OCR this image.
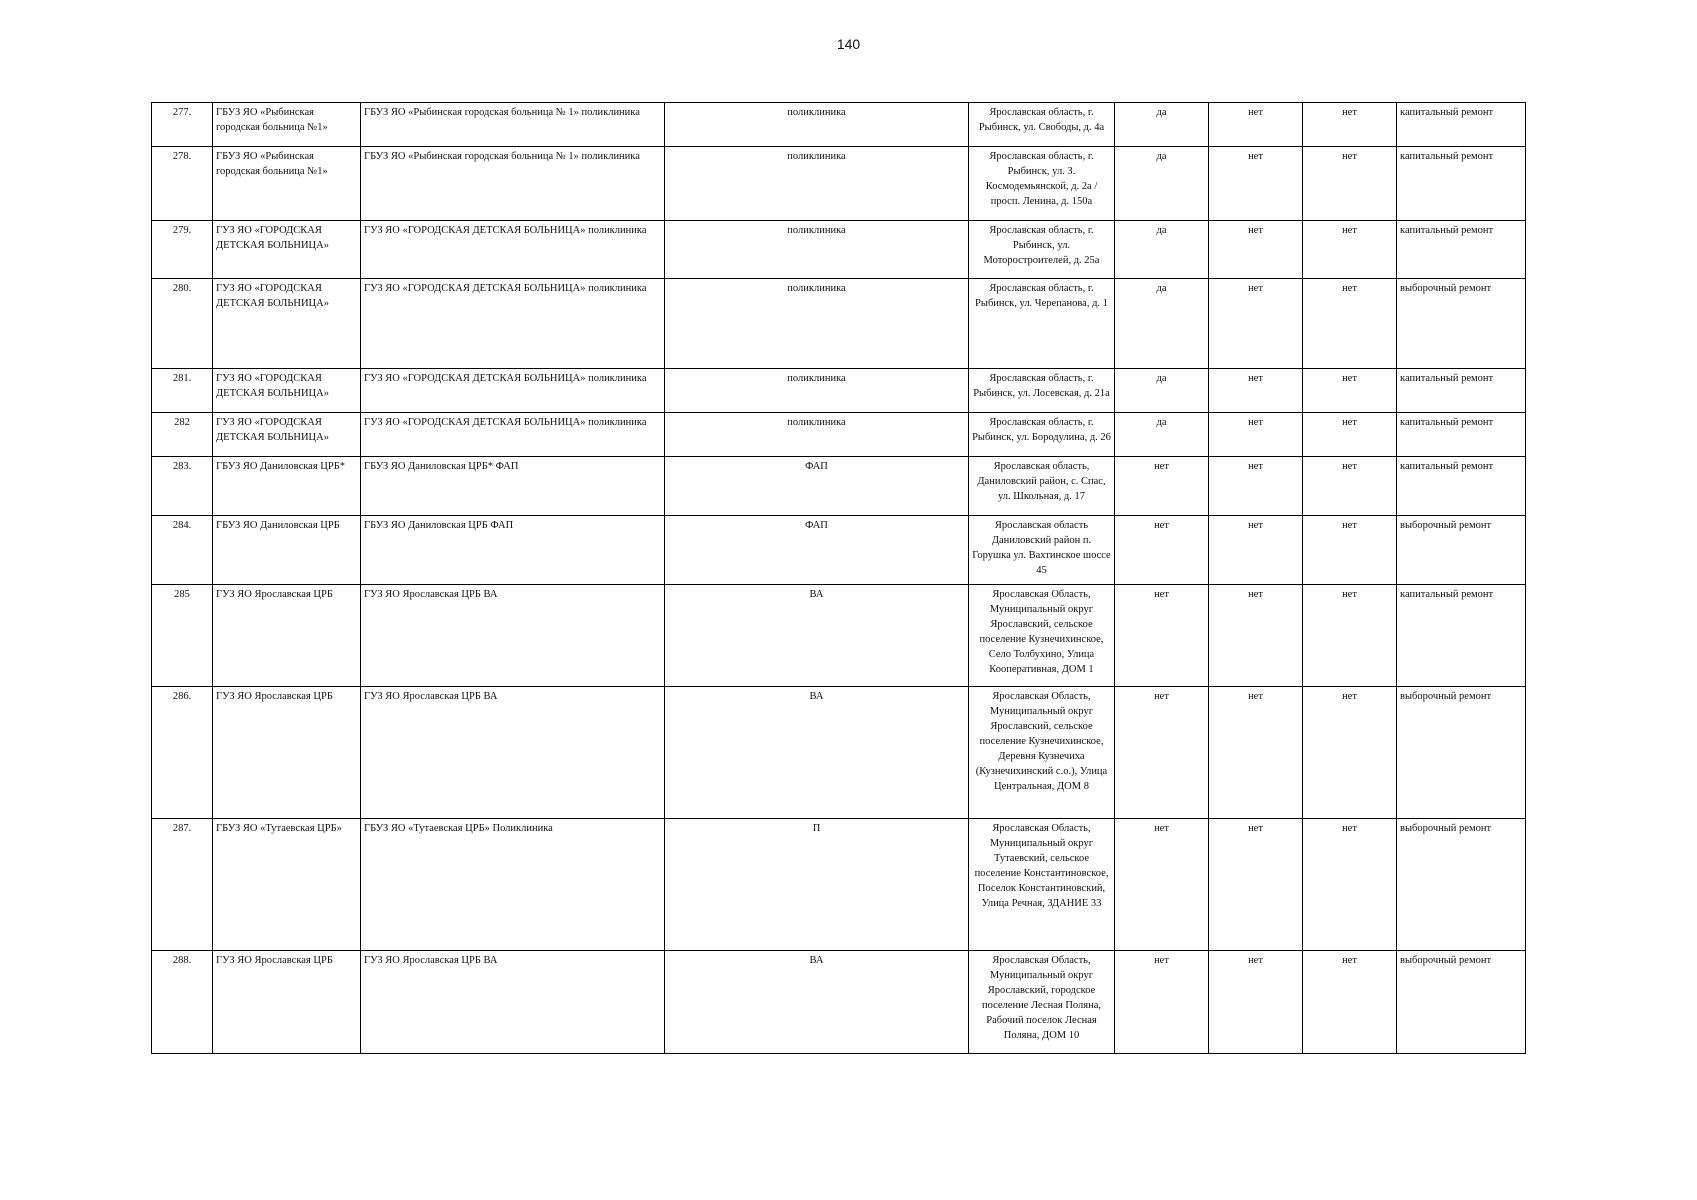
140
277.	ГБУЗ ЯО «Рыбинская городская больница №1»	ГБУЗ ЯО «Рыбинская городская больница № 1» поликлиника	поликлиника	Ярославская область, г. Рыбинск, ул. Свободы, д. 4а	да	нет	нет	капитальный ремонт

278.	ГБУЗ ЯО «Рыбинская городская больница №1»	ГБУЗ ЯО «Рыбинская городская больница № 1» поликлиника	поликлиника	Ярославская область, г. Рыбинск, ул. З. Космодемьянской, д. 2а /просп. Ленина, д. 150а	да	нет	нет	капитальный ремонт

279.	ГУЗ ЯО «ГОРОДСКАЯ ДЕТСКАЯ БОЛЬНИЦА»	ГУЗ ЯО «ГОРОДСКАЯ ДЕТСКАЯ БОЛЬНИЦА» поликлиника	поликлиника	Ярославская область, г. Рыбинск, ул. Моторостроителей, д. 25а	да	нет	нет	капитальный ремонт

280.	ГУЗ ЯО «ГОРОДСКАЯ ДЕТСКАЯ БОЛЬНИЦА»	ГУЗ ЯО «ГОРОДСКАЯ ДЕТСКАЯ БОЛЬНИЦА» поликлиника	поликлиника	Ярославская область, г. Рыбинск, ул. Черепанова, д. 1	да	нет	нет	выборочный ремонт

281.	ГУЗ ЯО «ГОРОДСКАЯ ДЕТСКАЯ БОЛЬНИЦА»	ГУЗ ЯО «ГОРОДСКАЯ ДЕТСКАЯ БОЛЬНИЦА» поликлиника	поликлиника	Ярославская область, г. Рыбинск, ул. Лосевская, д. 21а	да	нет	нет	капитальный ремонт

282	ГУЗ ЯО «ГОРОДСКАЯ ДЕТСКАЯ БОЛЬНИЦА»	ГУЗ ЯО «ГОРОДСКАЯ ДЕТСКАЯ БОЛЬНИЦА» поликлиника	поликлиника	Ярославская область, г. Рыбинск, ул. Бородулина, д. 26	да	нет	нет	капитальный ремонт

283.	ГБУЗ ЯО Даниловская ЦРБ*	ГБУЗ ЯО Даниловская ЦРБ* ФАП	ФАП	Ярославская область, Даниловский район, с. Спас, ул. Школьная, д. 17	нет	нет	нет	капитальный ремонт

284.	ГБУЗ ЯО Даниловская ЦРБ	ГБУЗ ЯО Даниловская ЦРБ ФАП	ФАП	Ярославская область Даниловский район п. Горушка ул. Вахтинское шоссе 45	нет	нет	нет	выборочный ремонт

285	ГУЗ ЯО Ярославская ЦРБ	ГУЗ ЯО Ярославская ЦРБ ВА	ВА	Ярославская Область, Муниципальный округ Ярославский, сельское поселение Кузнечихинское, Село Толбухино, Улица Кооперативная, ДОМ 1	нет	нет	нет	капитальный ремонт

286.	ГУЗ ЯО Ярославская ЦРБ	ГУЗ ЯО Ярославская ЦРБ ВА	ВА	Ярославская Область, Муниципальный округ Ярославский, сельское поселение Кузнечихинское, Деревня Кузнечиха (Кузнечихинский с.о.), Улица Центральная, ДОМ 8	нет	нет	нет	выборочный ремонт

287.	ГБУЗ ЯО «Тутаевская ЦРБ»	ГБУЗ ЯО «Тутаевская ЦРБ» Поликлиника	П	Ярославская Область, Муниципальный округ Тутаевский, сельское поселение Константиновское, Поселок Константиновский, Улица Речная, ЗДАНИЕ 33	нет	нет	нет	выборочный ремонт

288.	ГУЗ ЯО Ярославская ЦРБ	ГУЗ ЯО Ярославская ЦРБ ВА	ВА	Ярославская Область, Муниципальный округ Ярославский, городское поселение Лесная Поляна, Рабочий поселок Лесная Поляна, ДОМ 10	нет	нет	нет	выборочный ремонт
